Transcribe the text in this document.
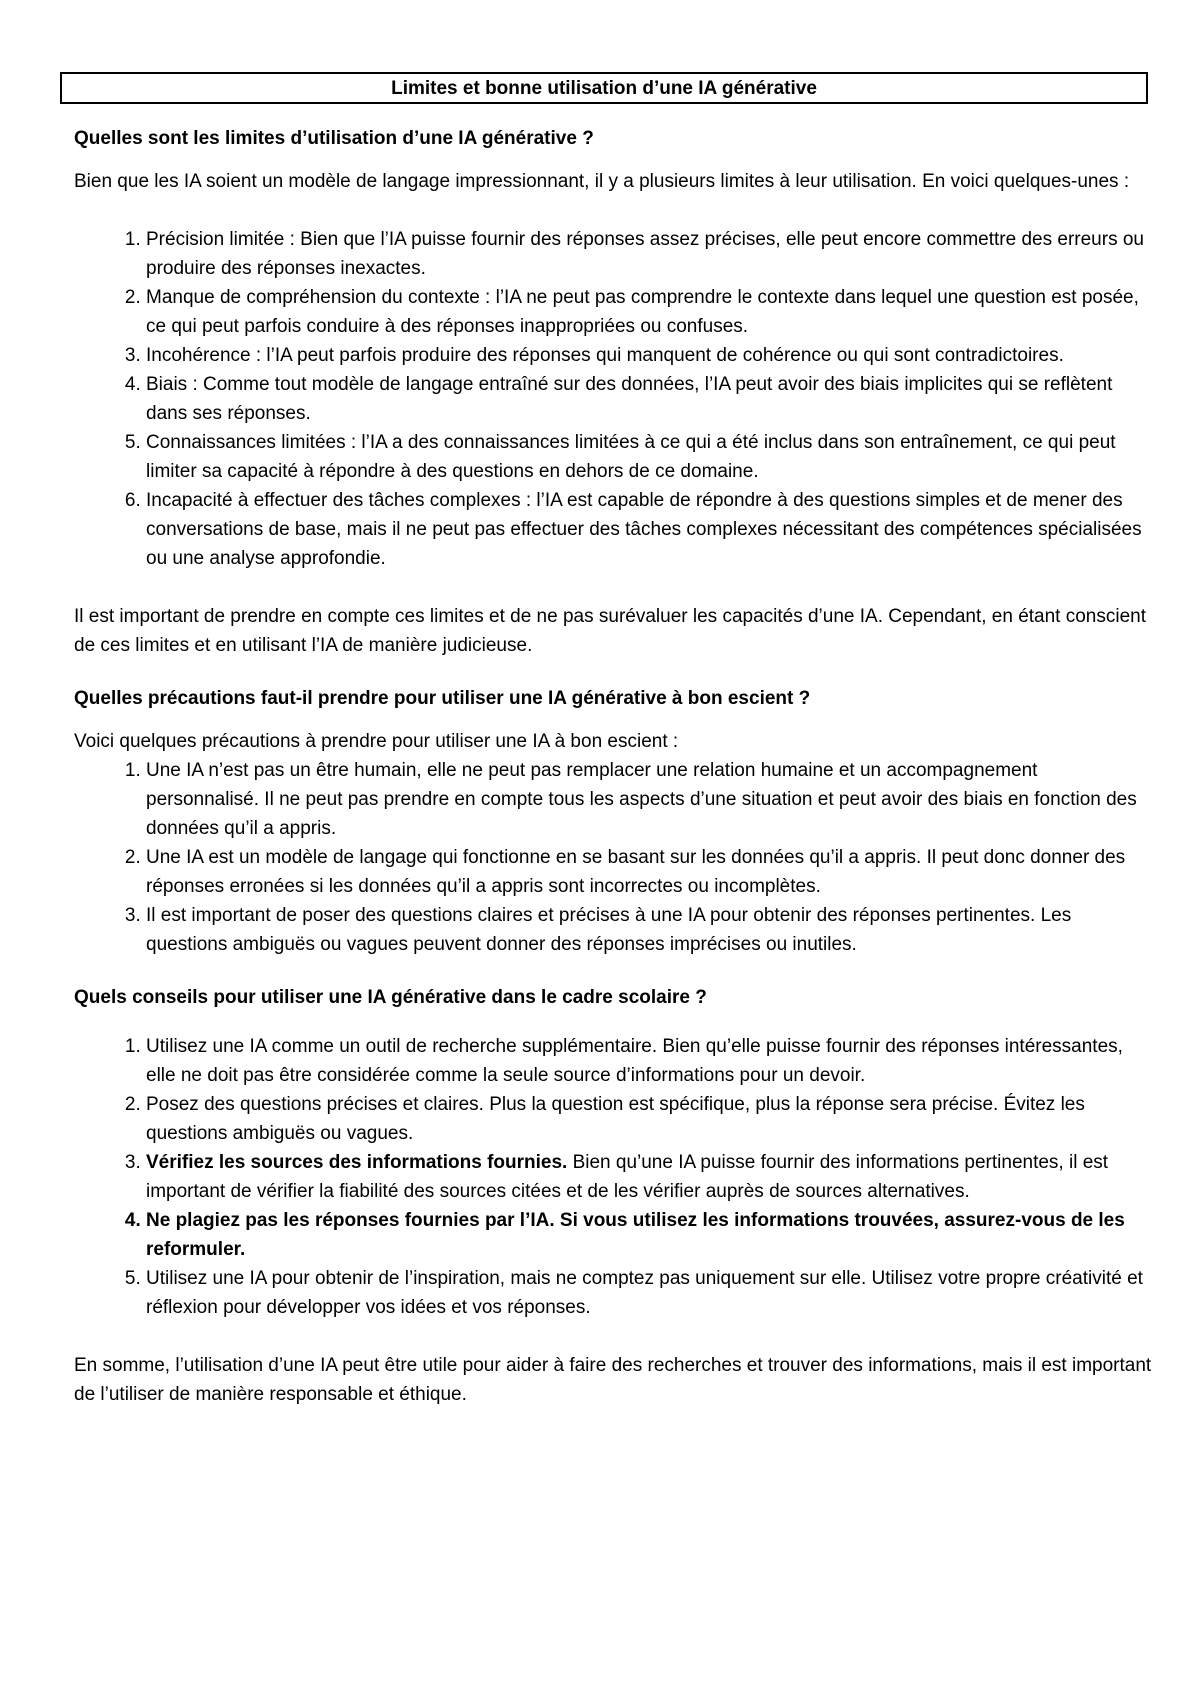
Limites et bonne utilisation d’une IA générative

Quelles sont les limites d’utilisation d’une IA générative ?

Bien que les IA soient un modèle de langage impressionnant, il y a plusieurs limites à leur utilisation. En voici quelques-unes :

1. Précision limitée : Bien que l’IA puisse fournir des réponses assez précises, elle peut encore commettre des erreurs ou produire des réponses inexactes.
2. Manque de compréhension du contexte : l’IA ne peut pas comprendre le contexte dans lequel une question est posée, ce qui peut parfois conduire à des réponses inappropriées ou confuses.
3. Incohérence : l’IA peut parfois produire des réponses qui manquent de cohérence ou qui sont contradictoires.
4. Biais : Comme tout modèle de langage entraîné sur des données, l’IA peut avoir des biais implicites qui se reflètent dans ses réponses.
5. Connaissances limitées : l’IA a des connaissances limitées à ce qui a été inclus dans son entraînement, ce qui peut limiter sa capacité à répondre à des questions en dehors de ce domaine.
6. Incapacité à effectuer des tâches complexes : l’IA est capable de répondre à des questions simples et de mener des conversations de base, mais il ne peut pas effectuer des tâches complexes nécessitant des compétences spécialisées ou une analyse approfondie.

Il est important de prendre en compte ces limites et de ne pas surévaluer les capacités d’une IA. Cependant, en étant conscient de ces limites et en utilisant l’IA de manière judicieuse.

Quelles précautions faut-il prendre pour utiliser une IA générative à bon escient ?

Voici quelques précautions à prendre pour utiliser une IA à bon escient :

1. Une IA n’est pas un être humain, elle ne peut pas remplacer une relation humaine et un accompagnement personnalisé. Il ne peut pas prendre en compte tous les aspects d’une situation et peut avoir des biais en fonction des données qu’il a appris.
2. Une IA est un modèle de langage qui fonctionne en se basant sur les données qu’il a appris. Il peut donc donner des réponses erronées si les données qu’il a appris sont incorrectes ou incomplètes.
3. Il est important de poser des questions claires et précises à une IA pour obtenir des réponses pertinentes. Les questions ambiguës ou vagues peuvent donner des réponses imprécises ou inutiles.

Quels conseils pour utiliser une IA générative dans le cadre scolaire ?

1. Utilisez une IA comme un outil de recherche supplémentaire. Bien qu’elle puisse fournir des réponses intéressantes, elle ne doit pas être considérée comme la seule source d’informations pour un devoir.
2. Posez des questions précises et claires. Plus la question est spécifique, plus la réponse sera précise. Évitez les questions ambiguës ou vagues.
3. Vérifiez les sources des informations fournies. Bien qu’une IA puisse fournir des informations pertinentes, il est important de vérifier la fiabilité des sources citées et de les vérifier auprès de sources alternatives.
4. Ne plagiez pas les réponses fournies par l’IA. Si vous utilisez les informations trouvées, assurez-vous de les reformuler.
5. Utilisez une IA pour obtenir de l’inspiration, mais ne comptez pas uniquement sur elle. Utilisez votre propre créativité et réflexion pour développer vos idées et vos réponses.

En somme, l’utilisation d’une IA peut être utile pour aider à faire des recherches et trouver des informations, mais il est important de l’utiliser de manière responsable et éthique.
